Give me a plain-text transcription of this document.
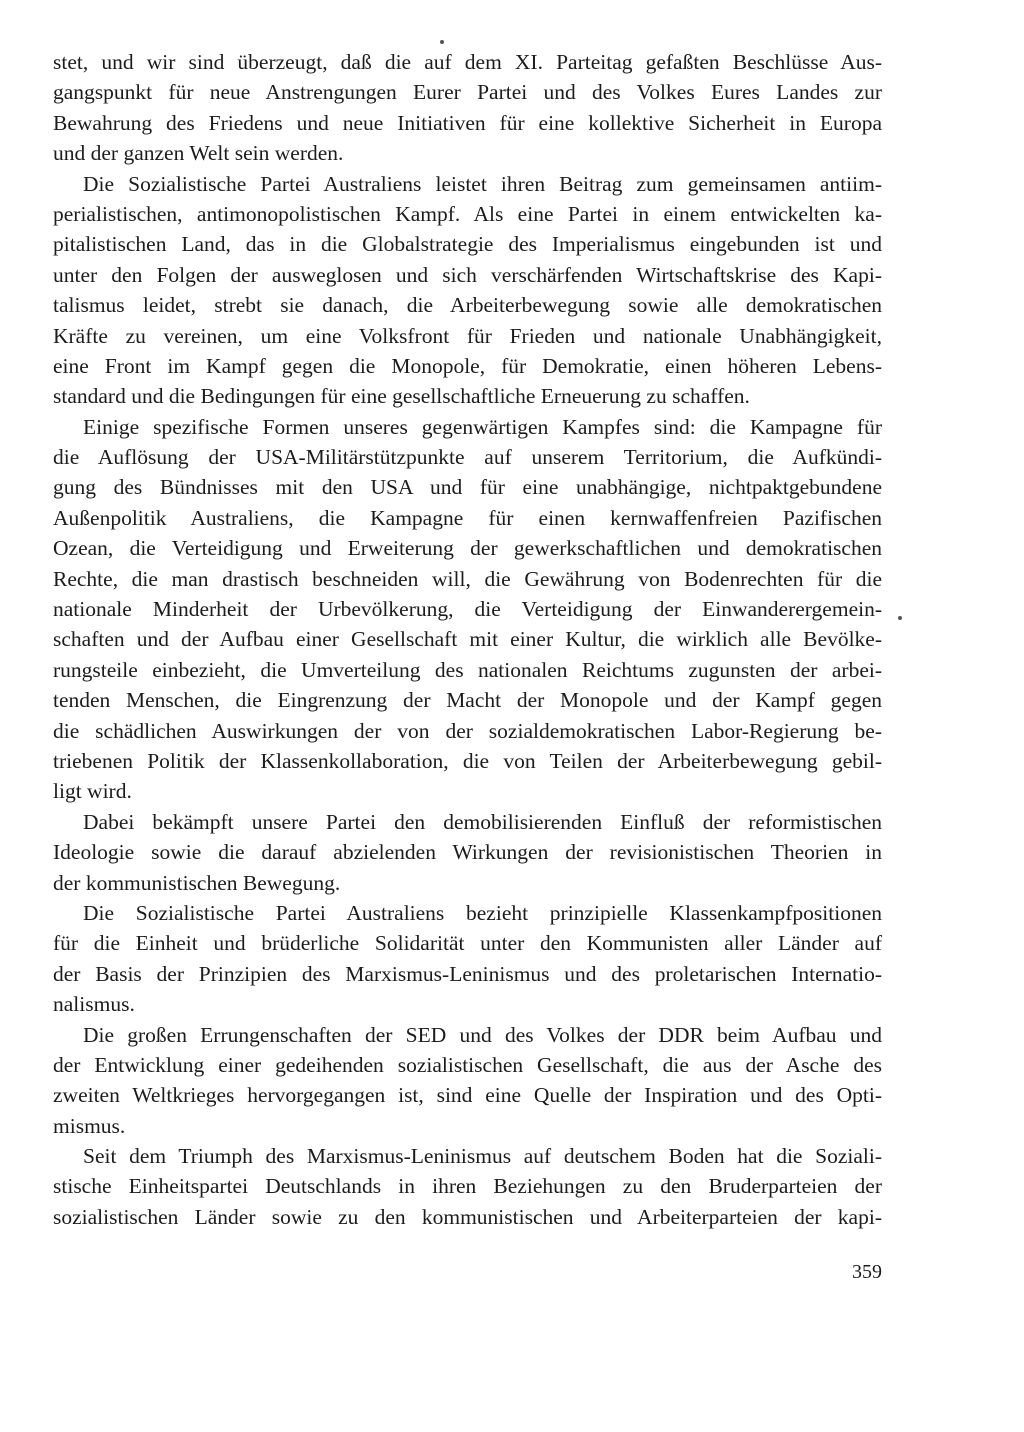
stet, und wir sind überzeugt, daß die auf dem XI. Parteitag gefaßten Beschlüsse Aus-
gangspunkt für neue Anstrengungen Eurer Partei und des Volkes Eures Landes zur
Bewahrung des Friedens und neue Initiativen für eine kollektive Sicherheit in Europa
und der ganzen Welt sein werden.
Die Sozialistische Partei Australiens leistet ihren Beitrag zum gemeinsamen antiim-
perialistischen, antimonopolistischen Kampf. Als eine Partei in einem entwickelten ka-
pitalistischen Land, das in die Globalstrategie des Imperialismus eingebunden ist und
unter den Folgen der ausweglosen und sich verschärfenden Wirtschaftskrise des Kapi-
talismus leidet, strebt sie danach, die Arbeiterbewegung sowie alle demokratischen
Kräfte zu vereinen, um eine Volksfront für Frieden und nationale Unabhängigkeit,
eine Front im Kampf gegen die Monopole, für Demokratie, einen höheren Lebens-
standard und die Bedingungen für eine gesellschaftliche Erneuerung zu schaffen.
Einige spezifische Formen unseres gegenwärtigen Kampfes sind: die Kampagne für
die Auflösung der USA-Militärstützpunkte auf unserem Territorium, die Aufkündi-
gung des Bündnisses mit den USA und für eine unabhängige, nichtpaktgebundene
Außenpolitik Australiens, die Kampagne für einen kernwaffenfreien Pazifischen
Ozean, die Verteidigung und Erweiterung der gewerkschaftlichen und demokratischen
Rechte, die man drastisch beschneiden will, die Gewährung von Bodenrechten für die
nationale Minderheit der Urbevölkerung, die Verteidigung der Einwanderergemein-
schaften und der Aufbau einer Gesellschaft mit einer Kultur, die wirklich alle Bevölke-
rungsteile einbezieht, die Umverteilung des nationalen Reichtums zugunsten der arbei-
tenden Menschen, die Eingrenzung der Macht der Monopole und der Kampf gegen
die schädlichen Auswirkungen der von der sozialdemokratischen Labor-Regierung be-
triebenen Politik der Klassenkollaboration, die von Teilen der Arbeiterbewegung gebil-
ligt wird.
Dabei bekämpft unsere Partei den demobilisierenden Einfluß der reformistischen
Ideologie sowie die darauf abzielenden Wirkungen der revisionistischen Theorien in
der kommunistischen Bewegung.
Die Sozialistische Partei Australiens bezieht prinzipielle Klassenkampfpositionen
für die Einheit und brüderliche Solidarität unter den Kommunisten aller Länder auf
der Basis der Prinzipien des Marxismus-Leninismus und des proletarischen Internatio-
nalismus.
Die großen Errungenschaften der SED und des Volkes der DDR beim Aufbau und
der Entwicklung einer gedeihenden sozialistischen Gesellschaft, die aus der Asche des
zweiten Weltkrieges hervorgegangen ist, sind eine Quelle der Inspiration und des Opti-
mismus.
Seit dem Triumph des Marxismus-Leninismus auf deutschem Boden hat die Soziali-
stische Einheitspartei Deutschlands in ihren Beziehungen zu den Bruderparteien der
sozialistischen Länder sowie zu den kommunistischen und Arbeiterparteien der kapi-
359
